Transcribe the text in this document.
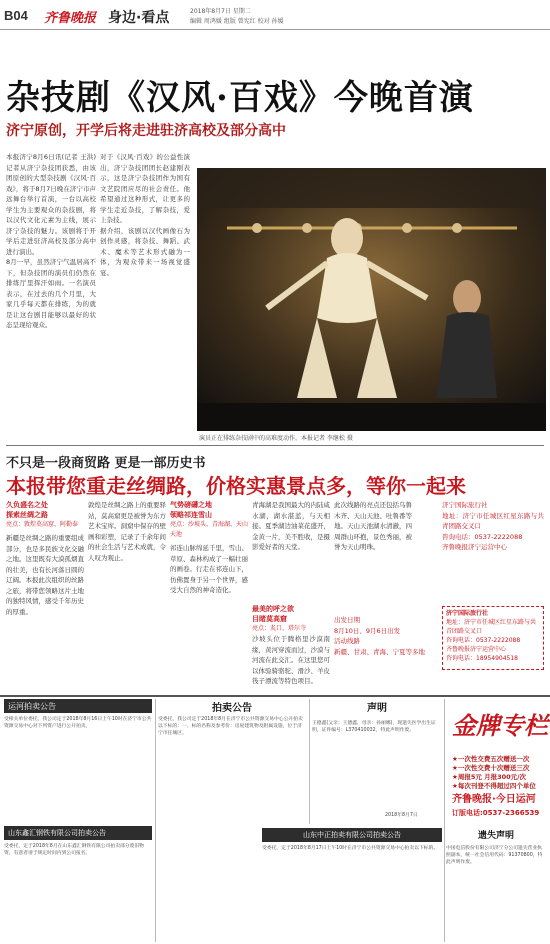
B04 齐鲁晚报 身边·看点	2018年8月7日 星期二
编辑 周鸿媛 组版 曾宪红 校对 孙媛
杂技剧《汉风·百戏》今晚首演
济宁原创，开学后将走进驻济高校及部分高中
本报济宁8月6日讯(记者 王洪) 记者从济宁杂技团获悉，由该团原创的大型杂技剧《汉风·百戏》，将于8月7日晚在济宁市声远舞台举行首演，一台以高校学生为主要观众的杂技剧，将以汉代文化元素为主线，展示济宁杂技的魅力。该剧将于开学后走进驻济高校及部分高中进行演出。
8月一早，虽然济宁气温居高不下，但杂技团的演员们仍然在排练厅里挥汗如雨。一名演员表示，在过去的几个月里，大家几乎每天都在排练，为的就是让这台剧目能够以最好的状态呈现给观众。
对于《汉风·百戏》的公益性演出，济宁杂技团团长赵建刚表示，这是济宁杂技团作为国有文艺院团应尽的社会责任。他希望通过这种形式，让更多的学生走近杂技，了解杂技，爱上杂技。
据介绍，该剧以汉代画像石为创作灵感，将杂技、舞蹈、武术、魔术等艺术形式融为一体，为观众带来一场视觉盛宴。
演员正在排练杂技剧中的高难度动作。本报记者 李继松 摄
不只是一段商贸路 更是一部历史书
本报带您重走丝绸路，价格实惠景点多，等你一起来
久负盛名之处
探索丝绸之路
亮点：敦煌莫高窟、阿勒泰
新疆是丝绸之路的重要组成部分，也是多民族文化交融之地。这里既有大漠孤烟直的壮美，也有长河落日圆的辽阔。本报此次组织的丝路之旅，将带您领略这片土地的独特风情，感受千年历史的厚重。
敦煌是丝绸之路上的重要驿站，莫高窟更是被誉为东方艺术宝库。洞窟中保存的壁画和彩塑，记录了千余年间的社会生活与艺术成就，令人叹为观止。
气势磅礴之地
领略祁连雪山
亮点：沙坡头、青海湖、天山天池
祁连山脉绵延千里，雪山、草原、森林构成了一幅壮丽的画卷。行走在祁连山下，仿佛置身于另一个世界，感受大自然的神奇造化。
青海湖是我国最大的内陆咸水湖，湖水湛蓝，与天相接。夏季湖边油菜花盛开，金黄一片，美不胜收，是摄影爱好者的天堂。
最美的呼之欲
目睹莫高窟
亮点：炙口、塔尔寺
沙坡头位于腾格里沙漠南缘，黄河穿流而过，沙漠与河流在此交汇。在这里您可以体验骑骆驼、滑沙、羊皮筏子漂流等特色项目。
此次线路的亮点还包括乌鲁木齐、天山天池、吐鲁番等地。天山天池湖水清澈，四周群山环抱，景色秀丽，被誉为天山明珠。
出发日期
8月10日、9月6日出发
活动线路
新疆、甘肃、青海、宁夏等多地
济宁国际旅行社
地址：济宁市任城区红星东路与共青团路交叉口
咨询电话：0537-2222088
齐鲁晚报济宁运营中心
济宁国际旅行社
地址：济宁市任城区红星东路与共青团路交叉口
咨询电话：0537-2222088
齐鲁晚报济宁运营中心
咨询电话：18954904518
运河拍卖公告
受相关单位委托，我公司定于2018年8月16日上午10时在济宁市公共资源交易中心对下列资产进行公开拍卖。
山东鑫汇钢铁有限公司拍卖公告
受委托，定于2018年8月在山东鑫汇钢铁有限公司拍卖部分废旧物资，有意者请于规定时间内到公司报名。
拍卖公告
受委托，我公司定于2018年8月在济宁市公共资源交易中心公开拍卖以下标的：一、标的名称及参考价：房屋建筑物及附属设施，位于济宁市任城区。
声明
王德鑫(父亲；王德鑫，母亲：孙丽娜)，现遗失医学出生证明，证件编号：L370410032，特此声明作废。
2018年8月7日
山东中正拍卖有限公司拍卖公告
受委托，定于2018年8月17日上午10时在济宁市公共资源交易中心拍卖以下标的。
金牌专栏
★一次性交费五次赠送一次
★一次性交费十次赠送三次
★周报5元 月报300元/次
★每次刊登不得超过四个单位
齐鲁晚报·今日运河
订版电话:0537-2366539
遗失声明
中国电信股份有限公司济宁分公司遗失营业执照副本，统一社会信用代码：91370800，特此声明作废。
